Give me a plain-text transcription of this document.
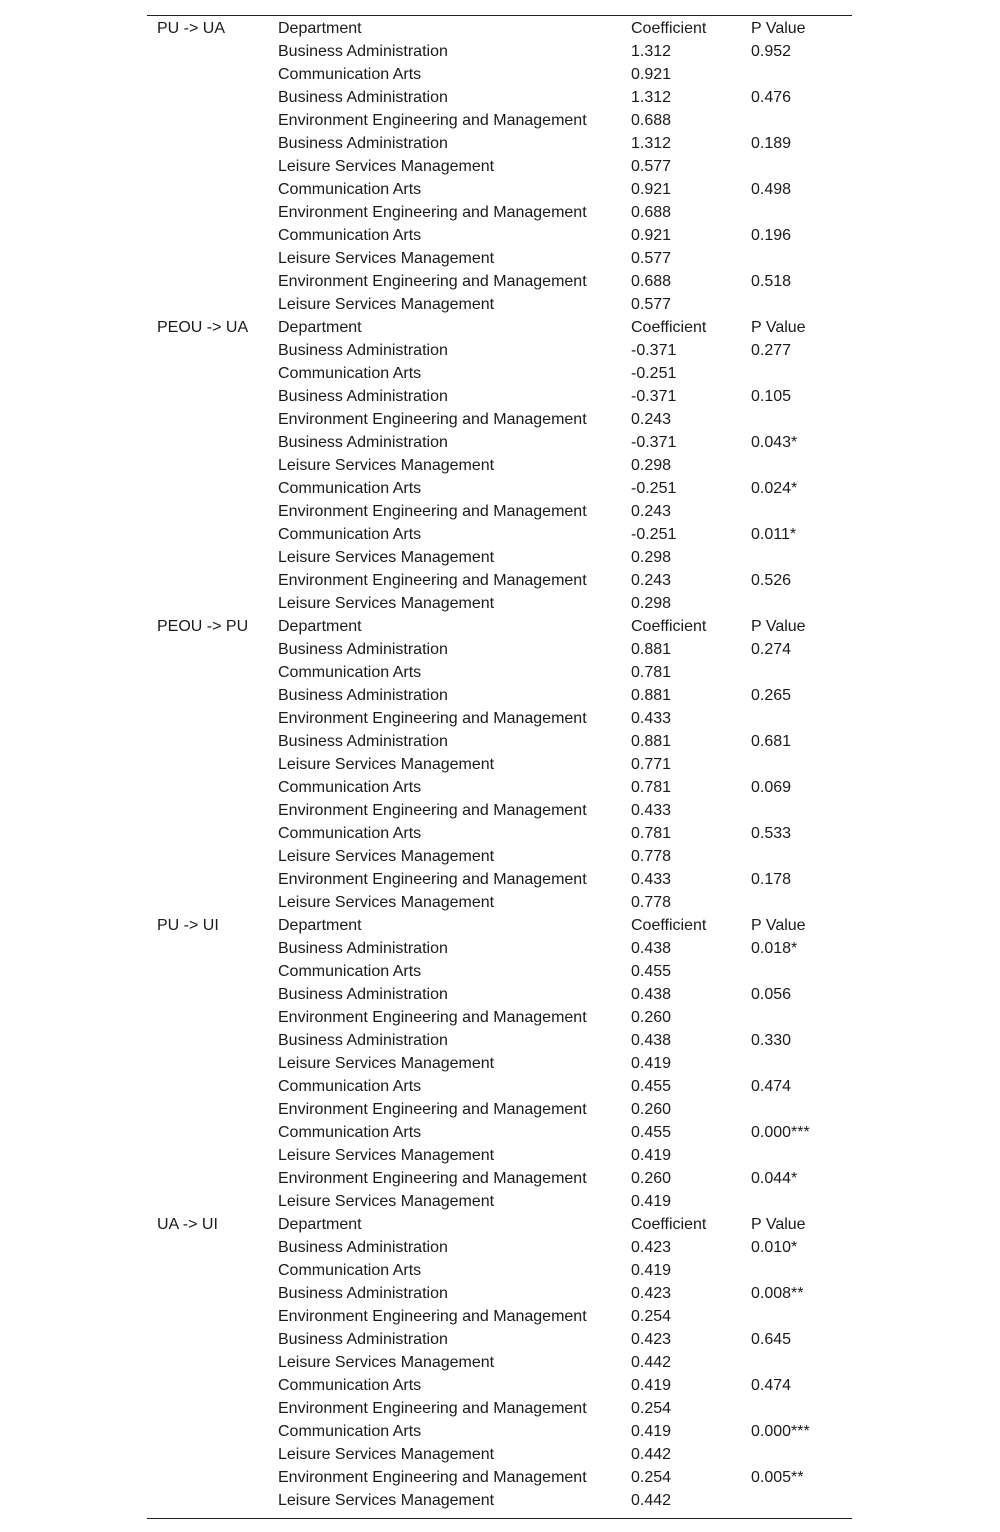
PU -> UA	Department	Coefficient	P Value
Business Administration	1.312	0.952
Communication Arts	0.921
Business Administration	1.312	0.476
Environment Engineering and Management	0.688
Business Administration	1.312	0.189
Leisure Services Management	0.577
Communication Arts	0.921	0.498
Environment Engineering and Management	0.688
Communication Arts	0.921	0.196
Leisure Services Management	0.577
Environment Engineering and Management	0.688	0.518
Leisure Services Management	0.577
PEOU -> UA	Department	Coefficient	P Value
Business Administration	-0.371	0.277
Communication Arts	-0.251
Business Administration	-0.371	0.105
Environment Engineering and Management	0.243
Business Administration	-0.371	0.043*
Leisure Services Management	0.298
Communication Arts	-0.251	0.024*
Environment Engineering and Management	0.243
Communication Arts	-0.251	0.011*
Leisure Services Management	0.298
Environment Engineering and Management	0.243	0.526
Leisure Services Management	0.298
PEOU -> PU	Department	Coefficient	P Value
Business Administration	0.881	0.274
Communication Arts	0.781
Business Administration	0.881	0.265
Environment Engineering and Management	0.433
Business Administration	0.881	0.681
Leisure Services Management	0.771
Communication Arts	0.781	0.069
Environment Engineering and Management	0.433
Communication Arts	0.781	0.533
Leisure Services Management	0.778
Environment Engineering and Management	0.433	0.178
Leisure Services Management	0.778
PU -> UI	Department	Coefficient	P Value
Business Administration	0.438	0.018*
Communication Arts	0.455
Business Administration	0.438	0.056
Environment Engineering and Management	0.260
Business Administration	0.438	0.330
Leisure Services Management	0.419
Communication Arts	0.455	0.474
Environment Engineering and Management	0.260
Communication Arts	0.455	0.000***
Leisure Services Management	0.419
Environment Engineering and Management	0.260	0.044*
Leisure Services Management	0.419
UA -> UI	Department	Coefficient	P Value
Business Administration	0.423	0.010*
Communication Arts	0.419
Business Administration	0.423	0.008**
Environment Engineering and Management	0.254
Business Administration	0.423	0.645
Leisure Services Management	0.442
Communication Arts	0.419	0.474
Environment Engineering and Management	0.254
Communication Arts	0.419	0.000***
Leisure Services Management	0.442
Environment Engineering and Management	0.254	0.005**
Leisure Services Management	0.442
